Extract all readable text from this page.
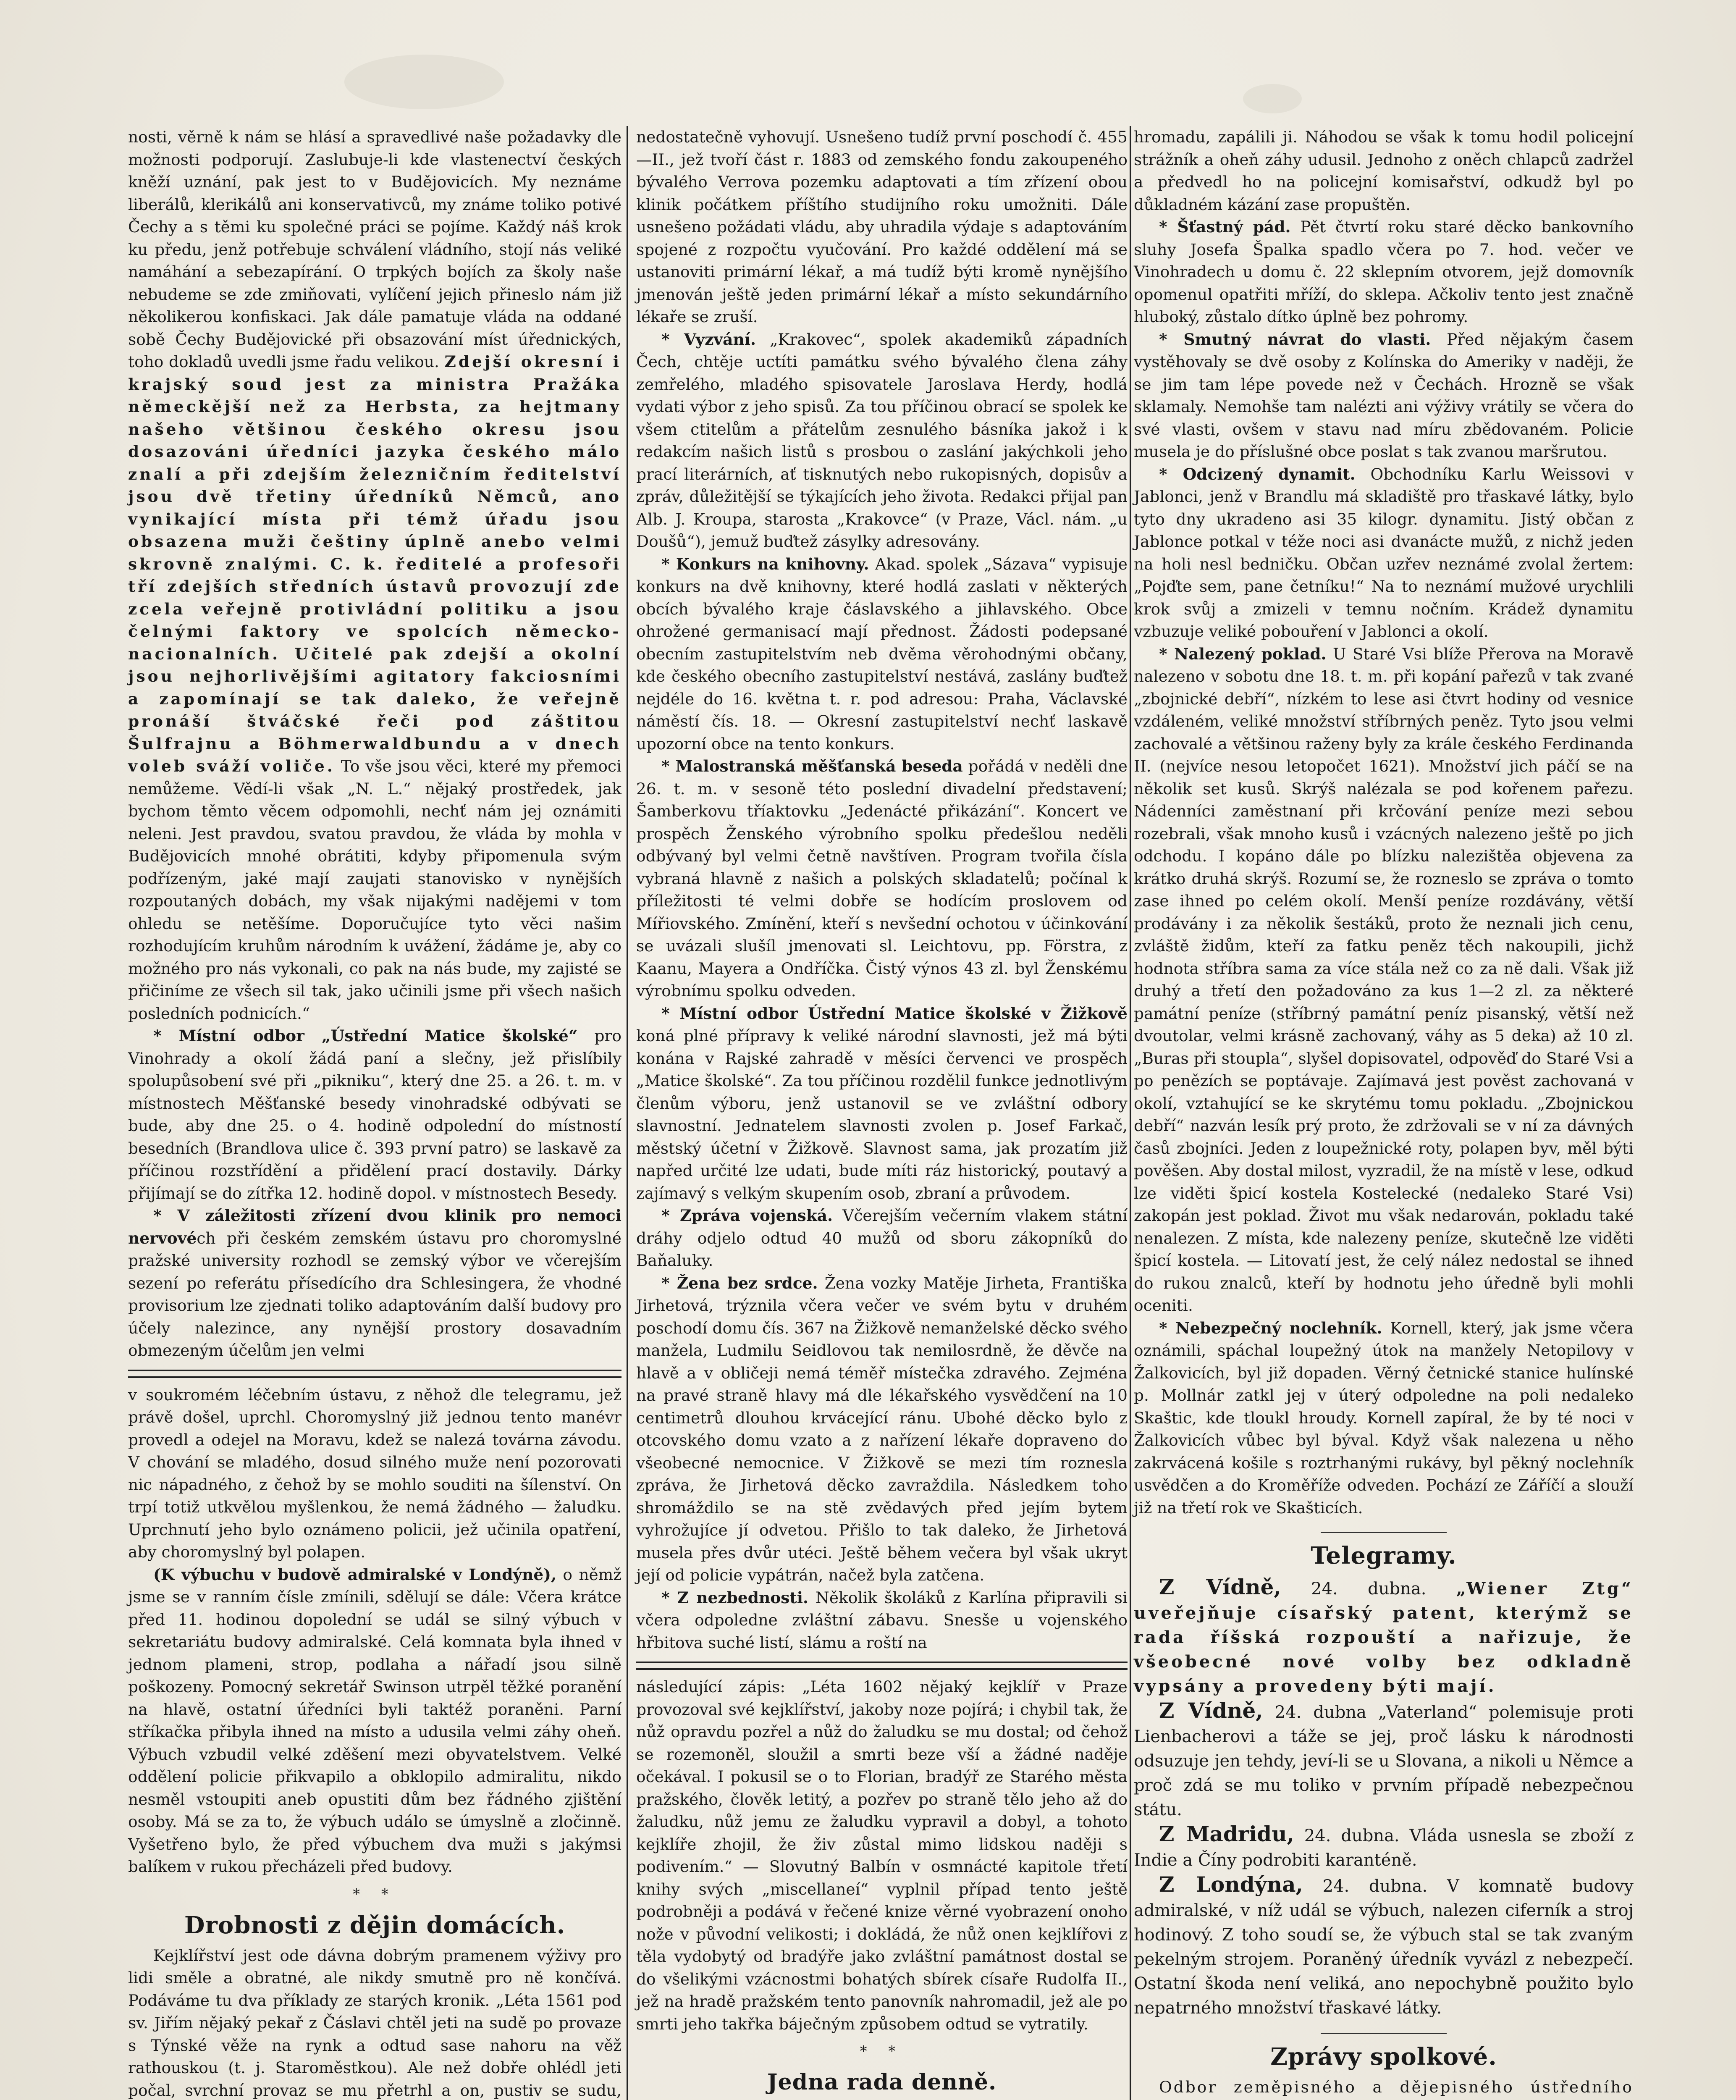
nosti, věrně k nám se hlásí a spravedlivé naše požadavky dle možnosti podporují. Zaslubuje-li kde vlastenectví českých kněží uznání, pak jest to v Budějovicích. My neznáme liberálů, klerikálů ani konservativců, my známe toliko potivé Čechy a s těmi ku společné práci se pojíme. Každý náš krok ku předu, jenž potřebuje schválení vládního, stojí nás veliké namáhání a sebezapírání. O trpkých bojích za školy naše nebudeme se zde zmiňovati, vylíčení jejich přineslo nám již několikerou konfiskaci. Jak dále pamatuje vláda na oddané sobě Čechy Budějovické při obsazování míst úřednických, toho dokladů uvedli jsme řadu velikou. Zdejší okresní i krajský soud jest za ministra Pražáka německější než za Herbsta, za hejtmany našeho většinou českého okresu jsou dosazováni úředníci jazyka českého málo znalí a při zdejším železničním ředitelství jsou dvě třetiny úředníků Němců, ano vynikající místa při témž úřadu jsou obsazena muži češtiny úplně anebo velmi skrovně znalými. C. k. ředitelé a profesoři tří zdejších středních ústavů provozují zde zcela veřejně protivládní politiku a jsou čelnými faktory ve spolcích německo-nacionalních. Učitelé pak zdejší a okolní jsou nejhorlivějšími agitatory fakciosními a zapomínají se tak daleko, že veřejně pronáší štváčské řeči pod záštitou Šulfrajnu a Böhmerwaldbundu a v dnech voleb sváží voliče. To vše jsou věci, které my přemoci nemůžeme. Vědí-li však „N. L.“ nějaký prostředek, jak bychom těmto věcem odpomohli, nechť nám jej oznámiti neleni. Jest pravdou, svatou pravdou, že vláda by mohla v Budějovicích mnohé obrátiti, kdyby připomenula svým podřízeným, jaké mají zaujati stanovisko v nynějších rozpoutaných dobách, my však nijakými nadějemi v tom ohledu se netěšíme. Doporučujíce tyto věci našim rozhodujícím kruhům národním k uvážení, žádáme je, aby co možného pro nás vykonali, co pak na nás bude, my zajisté se přičiníme ze všech sil tak, jako učinili jsme při všech našich posledních podnicích.“

* Místní odbor „Ústřední Matice školské“ pro Vinohrady a okolí žádá paní a slečny, jež přislíbily spolupůsobení své při „pikniku“, který dne 25. a 26. t. m. v místnostech Měšťanské besedy vinohradské odbývati se bude, aby dne 25. o 4. hodině odpolední do místností besedních (Brandlova ulice č. 393 první patro) se laskavě za příčinou rozstřídění a přidělení prací dostavily. Dárky přijímají se do zítřka 12. hodině dopol. v místnostech Besedy.

* V záležitosti zřízení dvou klinik pro nemoci nervovéch při českém zemském ústavu pro choromyslné pražské university rozhodl se zemský výbor ve včerejším sezení po referátu přísedícího dra Schlesingera, že vhodné provisorium lze zjednati toliko adaptováním další budovy pro účely nalezince, any nynější prostory dosavadním obmezeným účelům jen velmi

v soukromém léčebním ústavu, z něhož dle telegramu, jež právě došel, uprchl. Choromyslný již jednou tento manévr provedl a odejel na Moravu, kdež se nalezá továrna závodu. V chování se mladého, dosud silného muže není pozorovati nic nápadného, z čehož by se mohlo souditi na šílenství. On trpí totiž utkvělou myšlenkou, že nemá žádného — žaludku. Uprchnutí jeho bylo oznámeno policii, jež učinila opatření, aby choromyslný byl polapen.

(K výbuchu v budově admiralské v Londýně), o němž jsme se v ranním čísle zmínili, sdělují se dále: Včera krátce před 11. hodinou dopolední se udál se silný výbuch v sekretariátu budovy admiralské. Celá komnata byla ihned v jednom plameni, strop, podlaha a nářadí jsou silně poškozeny. Pomocný sekretář Swinson utrpěl těžké poranění na hlavě, ostatní úředníci byli taktéž poraněni. Parní stříkačka přibyla ihned na místo a udusila velmi záhy oheň. Výbuch vzbudil velké zděšení mezi obyvatelstvem. Velké oddělení policie přikvapilo a obklopilo admiralitu, nikdo nesměl vstoupiti aneb opustiti dům bez řádného zjištění osoby. Má se za to, že výbuch událo se úmyslně a zločinně. Vyšetřeno bylo, že před výbuchem dva muži s jakýmsi balíkem v rukou přecházeli před budovy.

* *
Drobnosti z dějin domácích.

Kejklířství jest ode dávna dobrým pramenem výživy pro lidi směle a obratné, ale nikdy smutně pro ně končívá. Podáváme tu dva příklady ze starých kronik. „Léta 1561 pod sv. Jiřím nějaký pekař z Čáslavi chtěl jeti na sudě po provaze s Týnské věže na rynk a odtud sase nahoru na věž rathouskou (t. j. Staroměstkou). Ale než dobře ohlédl jeti počal, svrchní provaz se mu přetrhl a on, pustiv se sudu,

nedostatečně vyhovují. Usnešeno tudíž první poschodí č. 455—II., jež tvoří část r. 1883 od zemského fondu zakoupeného bývalého Verrova pozemku adaptovati a tím zřízení obou klinik počátkem příštího studijního roku umožniti. Dále usnešeno požádati vládu, aby uhradila výdaje s adaptováním spojené z rozpočtu vyučování. Pro každé oddělení má se ustanoviti primární lékař, a má tudíž býti kromě nynějšího jmenován ještě jeden primární lékař a místo sekundárního lékaře se zruší.

* Vyzvání. „Krakovec“, spolek akademiků západních Čech, chtěje uctíti památku svého bývalého člena záhy zemřelého, mladého spisovatele Jaroslava Herdy, hodlá vydati výbor z jeho spisů. Za tou příčinou obrací se spolek ke všem ctitelům a přátelům zesnulého básníka jakož i k redakcím našich listů s prosbou o zaslání jakýchkoli jeho prací literárních, ať tisknutých nebo rukopisných, dopisův a zpráv, důležitější se týkajících jeho života. Redakci přijal pan Alb. J. Kroupa, starosta „Krakovce“ (v Praze, Václ. nám. „u Doušů“), jemuž buďtež zásylky adresovány.

* Konkurs na knihovny. Akad. spolek „Sázava“ vypisuje konkurs na dvě knihovny, které hodlá zaslati v některých obcích bývalého kraje čáslavského a jihlavského. Obce ohrožené germanisací mají přednost. Žádosti podepsané obecním zastupitelstvím neb dvěma věrohodnými občany, kde českého obecního zastupitelství nestává, zaslány buďtež nejdéle do 16. května t. r. pod adresou: Praha, Václavské náměstí čís. 18. — Okresní zastupitelství nechť laskavě upozorní obce na tento konkurs.

* Malostranská měšťanská beseda pořádá v neděli dne 26. t. m. v sesoně této poslední divadelní představení; Šamberkovu tříaktovku „Jedenácté přikázání“. Koncert ve prospěch Ženského výrobního spolku předešlou neděli odbývaný byl velmi četně navštíven. Program tvořila čísla vybraná hlavně z našich a polských skladatelů; počínal k příležitosti té velmi dobře se hodícím proslovem od Mířiovského. Zmínění, kteří s nevšední ochotou v účinkování se uvázali slušíl jmenovati sl. Leichtovu, pp. Förstra, z Kaanu, Mayera a Ondříčka. Čistý výnos 43 zl. byl Ženskému výrobnímu spolku odveden.

* Místní odbor Ústřední Matice školské v Žižkově koná plné přípravy k veliké národní slavnosti, jež má býti konána v Rajské zahradě v měsíci červenci ve prospěch „Matice školské“. Za tou příčinou rozdělil funkce jednotlivým členům výboru, jenž ustanovil se ve zvláštní odbory slavnostní. Jednatelem slavnosti zvolen p. Josef Farkač, městský účetní v Žižkově. Slavnost sama, jak prozatím již napřed určité lze udati, bude míti ráz historický, poutavý a zajímavý s velkým skupením osob, zbraní a průvodem.

* Zpráva vojenská. Včerejším večerním vlakem státní dráhy odjelo odtud 40 mužů od sboru zákopníků do Baňaluky.

* Žena bez srdce. Žena vozky Matěje Jirheta, Františka Jirhetová, trýznila včera večer ve svém bytu v druhém poschodí domu čís. 367 na Žižkově nemanželské děcko svého manžela, Ludmilu Seidlovou tak nemilosrdně, že děvče na hlavě a v obličeji nemá téměř místečka zdravého. Zejména na pravé straně hlavy má dle lékařského vysvědčení na 10 centimetrů dlouhou krvácející ránu. Ubohé děcko bylo z otcovského domu vzato a z nařízení lékaře dopraveno do všeobecné nemocnice. V Žižkově se mezi tím roznesla zpráva, že Jirhetová děcko zavraždila. Následkem toho shromáždilo se na stě zvědavých před jejím bytem vyhrožujíce jí odvetou. Přišlo to tak daleko, že Jirhetová musela přes dvůr utéci. Ještě během večera byl však ukryt její od policie vypátrán, načež byla zatčena.

* Z nezbednosti. Několik školáků z Karlína připravili si včera odpoledne zvláštní zábavu. Snesše u vojenského hřbitova suché listí, slámu a roští na

následující zápis: „Léta 1602 nějaký kejklíř v Praze provozoval své kejklířství, jakoby noze pojírá; i chybil tak, že nůž opravdu pozřel a nůž do žaludku se mu dostal; od čehož se rozemoněl, sloužil a smrti beze vší a žádné naděje očekával. I pokusil se o to Florian, bradýř ze Starého města pražského, člověk letitý, a pozřev po straně tělo jeho až do žaludku, nůž jemu ze žaludku vypravil a dobyl, a tohoto kejklíře zhojil, že živ zůstal mimo lidskou naději s podivením.“ — Slovutný Balbín v osmnácté kapitole třetí knihy svých „miscellaneí“ vyplnil případ tento ještě podrobněji a podává v řečené knize věrné vyobrazení onoho nože v původní velikosti; i dokládá, že nůž onen kejklířovi z těla vydobytý od bradýře jako zvláštní památnost dostal se do všelikými vzácnostmi bohatých sbírek císaře Rudolfa II., jež na hradě pražském tento panovník nahromadil, jež ale po smrti jeho takřka báječným způsobem odtud se vytratily.

* *
Jedna rada denně.

hromadu, zapálili ji. Náhodou se však k tomu hodil policejní strážník a oheň záhy udusil. Jednoho z oněch chlapců zadržel a předvedl ho na policejní komisařství, odkudž byl po důkladném kázání zase propuštěn.

* Šťastný pád. Pět čtvrtí roku staré děcko bankovního sluhy Josefa Špalka spadlo včera po 7. hod. večer ve Vinohradech u domu č. 22 sklepním otvorem, jejž domovník opomenul opatřiti mříží, do sklepa. Ačkoliv tento jest značně hluboký, zůstalo dítko úplně bez pohromy.

* Smutný návrat do vlasti. Před nějakým časem vystěhovaly se dvě osoby z Kolínska do Ameriky v naději, že se jim tam lépe povede než v Čechách. Hrozně se však sklamaly. Nemohše tam nalézti ani výživy vrátily se včera do své vlasti, ovšem v stavu nad míru zbědovaném. Policie musela je do příslušné obce poslat s tak zvanou maršrutou.

* Odcizený dynamit. Obchodníku Karlu Weissovi v Jablonci, jenž v Brandlu má skladiště pro třaskavé látky, bylo tyto dny ukradeno asi 35 kilogr. dynamitu. Jistý občan z Jablonce potkal v téže noci asi dvanácte mužů, z nichž jeden na holi nesl bedničku. Občan uzřev neznámé zvolal žertem: „Pojďte sem, pane četníku!“ Na to neznámí mužové urychlili krok svůj a zmizeli v temnu nočním. Krádež dynamitu vzbuzuje veliké pobouření v Jablonci a okolí.

* Nalezený poklad. U Staré Vsi blíže Přerova na Moravě nalezeno v sobotu dne 18. t. m. při kopání pařezů v tak zvané „zbojnické debří“, nízkém to lese asi čtvrt hodiny od vesnice vzdáleném, veliké množství stříbrných peněz. Tyto jsou velmi zachovalé a většinou raženy byly za krále českého Ferdinanda II. (nejvíce nesou letopočet 1621). Množství jich páčí se na několik set kusů. Skrýš nalézala se pod kořenem pařezu. Nádenníci zaměstnaní při krčování peníze mezi sebou rozebrali, však mnoho kusů i vzácných nalezeno ještě po jich odchodu. I kopáno dále po blízku nalezištěa objevena za krátko druhá skrýš. Rozumí se, že rozneslo se zpráva o tomto zase ihned po celém okolí. Menší peníze rozdávány, větší prodávány i za několik šestáků, proto že neznali jich cenu, zvláště židům, kteří za fatku peněz těch nakoupili, jichž hodnota stříbra sama za více stála než co za ně dali. Však již druhý a třetí den požadováno za kus 1—2 zl. za některé památní peníze (stříbrný památní peníz pisanský, větší než dvoutolar, velmi krásně zachovaný, váhy as 5 deka) až 10 zl. „Buras při stoupla“, slyšel dopisovatel, odpověď do Staré Vsi a po penězích se poptávaje. Zajímavá jest pověst zachovaná v okolí, vztahující se ke skrytému tomu pokladu. „Zbojnickou debří“ nazván lesík prý proto, že zdržovali se v ní za dávných časů zbojníci. Jeden z loupežnické roty, polapen byv, měl býti pověšen. Aby dostal milost, vyzradil, že na místě v lese, odkud lze viděti špicí kostela Kostelecké (nedaleko Staré Vsi) zakopán jest poklad. Život mu však nedarován, pokladu také nenalezen. Z místa, kde nalezeny peníze, skutečně lze viděti špicí kostela. — Litovatí jest, že celý nález nedostal se ihned do rukou znalců, kteří by hodnotu jeho úředně byli mohli oceniti.

* Nebezpečný noclehník. Kornell, který, jak jsme včera oznámili, spáchal loupežný útok na manžely Netopilovy v Žalkovicích, byl již dopaden. Věrný četnické stanice hulínské p. Mollnár zatkl jej v úterý odpoledne na poli nedaleko Skaštic, kde tloukl hroudy. Kornell zapíral, že by té noci v Žalkovicích vůbec byl býval. Když však nalezena u něho zakrvácená košile s roztrhanými rukávy, byl pěkný noclehník usvědčen a do Kroměříže odveden. Pochází ze Záříčí a slouží již na třetí rok ve Skašticích.

Telegramy.

Z Vídně, 24. dubna. „Wiener Ztg“ uveřejňuje císařský patent, kterýmž se rada říšská rozpouští a nařizuje, že všeobecné nové volby bez odkladně vypsány a provedeny býti mají.

Z Vídně, 24. dubna „Vaterland“ polemisuje proti Lienbacherovi a táže se jej, proč lásku k národnosti odsuzuje jen tehdy, jeví-li se u Slovana, a nikoli u Němce a proč zdá se mu toliko v prvním případě nebezpečnou státu.

Z Madridu, 24. dubna. Vláda usnesla se zboží z Indie a Číny podrobiti karanténě.

Z Londýna, 24. dubna. V komnatě budovy admiralské, v níž udál se výbuch, nalezen ciferník a stroj hodinový. Z toho soudí se, že výbuch stal se tak zvaným pekelným strojem. Poraněný úředník vyvázl z nebezpečí. Ostatní škoda není veliká, ano nepochybně použito bylo nepatrného množství třaskavé látky.

Zprávy spolkové.

Odbor zeměpisného a dějepisného ústředního
